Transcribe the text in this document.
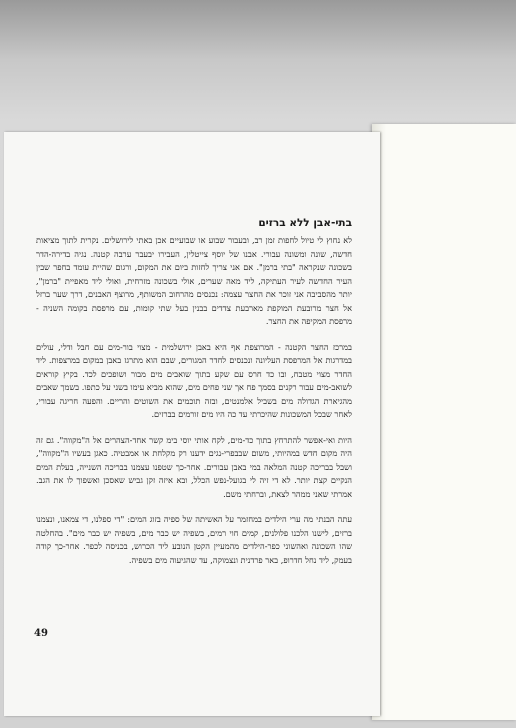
בתי-אבן ללא ברזים

לא נחוץ לי טיול לחפות זמן רב, ובעבור שבוע או שבועיים אכן באתי לירושלים. נקרית לתוך מציאות חדשה, שונה ומשונה עבורי. אבנו של יוסף צייטלין, העבירו יבעבר ערבה קטנה. נגיה בדירה-הדר בשכונה שנקראה "בתי ברמן". אם אני צריך לחזות ביום את המקום, ורגום שהיית עומד בחפר שבין העיר החדשה לעיר העתיקה, ליד מאה שערים, אולי בשכונה מזרחית, ואולי ליד מאפיית "ברמן", יותר מהסביבה אני זוכר את החצר עצמה: נכנסים מהרחוב המשותף, מרוצף האבנים, דרך שער ברזל אל חצר מרובעת המוקפת מארבעת צדדים בבנין בעל שתי קומות, עם מרפסת בקומה השניה - מרפסת המקיפה את החצר.

במרכז החצר הקטנה - המרוצפת אף היא באבן ירושלמית - מצוי בור-מים עם חבל ודלי, עולים במדרגות אל המרפסת העליונה ונכנסים לחדר המגורים, שבם הוא מתרגז באבן במקום במרצפות. ליד החדר מצוי מטבח, ובו כד חרס עם שקע בתוך שואבים מים מבור ושופכים לכד. בקיץ קוראים לשואב-מים עבור רקנים בסמך פח אך שני פחים מים, שהוא מביא עימו בשני על כתפו. בשמך שאבים מהגיארת הגדולה מים בשביל אלמנטים, ובזה תוכמים את השוטים והריים. והפעה חריגה עבורי, לאחר שבכל המשכונות שהיכרתי עד כה היו מים זורמים בברזים.

היות ואי-אפשר להתרחץ בתוך כד-מים, לקח אותי יוסי בימ קשר אחד-הצהרים אל ה"מקווה". גם זה היה מקום חדש במהיותי, משום שבבפרי-נגים ידענו רק מקלחת או אמבטיה. כאגן בעשיו ה"מקווה", ושבל בבריכה קטנה המלאה במי באבן עבורים. אחר-כך שטפנו עצמנו בבריכה השנייה, בעלת המים הנקיים קצת יותר. לא די זיה לי בגועל-נפש הכלל, ובא איזה זקן גביש שאסכן ואשפוך לו את הגב. אמרתי שאני ממהר לצאת, וברחתי משם.

עתה הבנתי מה ערי הילדים במחזמר על האשיתה של ספיה בזוג המים: "די ספלנו, די צמאנו, ונצמנו ברזים, לישנו הלכנו פלולנים, קמים חוי רמים, בשפיה יש כבר מים, בשפיה יש כבר מים". בהחלטה שהו השכונה ואהשוני כפר-הילדים מהמעיין הקטן הנובע ליד הכרוש, בכניסה לכפר. אחר-כך קודה בעמק, ליד נחל חדרופ, באר פרדנית ונצמוקה, עד שהגיעוה מים בשפיה.

49
